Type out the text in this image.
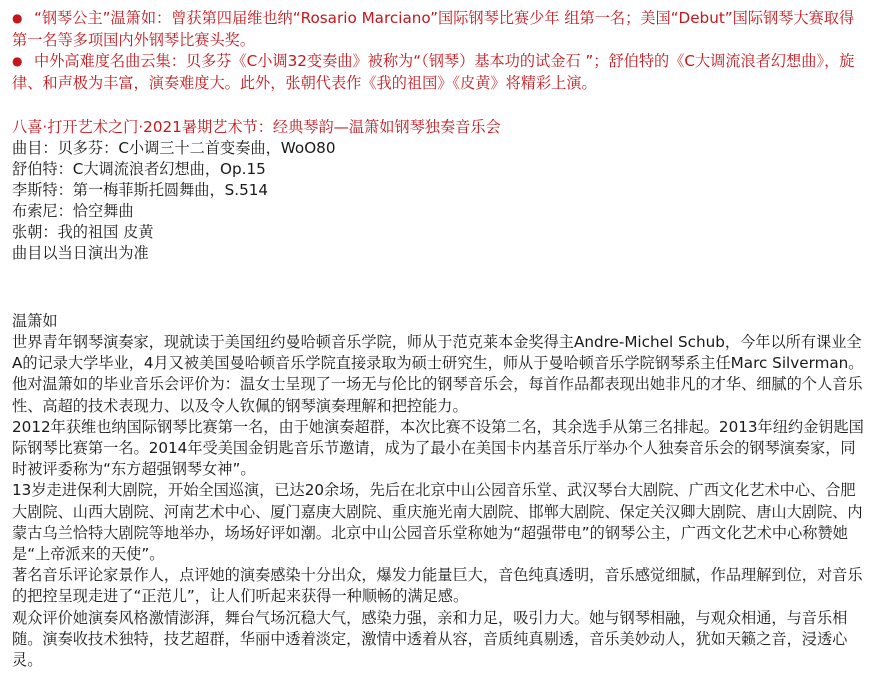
● “钢琴公主”温箫如：曾获第四届维也纳“Rosario Marciano”国际钢琴比赛少年 组第一名；美国“Debut”国际钢琴大赛取得第一名等多项国内外钢琴比赛头奖。

● 中外高难度名曲云集：贝多芬《C小调32变奏曲》被称为“（钢琴）基本功的试金石 ”；舒伯特的《C大调流浪者幻想曲》，旋律、和声极为丰富，演奏难度大。此外，张朝代表作《我的祖国》《皮黄》将精彩上演。

八喜·打开艺术之门·2021暑期艺术节：经典琴韵—温箫如钢琴独奏音乐会
曲目：贝多芬：C小调三十二首变奏曲，WoO80
舒伯特：C大调流浪者幻想曲，Op.15
李斯特：第一梅菲斯托圆舞曲，S.514
布索尼：恰空舞曲
张朝：我的祖国 皮黄
曲目以当日演出为准
温箫如

世界青年钢琴演奏家，现就读于美国纽约曼哈顿音乐学院，师从于范克莱本金奖得主Andre-Michel Schub，今年以所有课业全A的记录大学毕业，4月又被美国曼哈顿音乐学院直接录取为硕士研究生，师从于曼哈顿音乐学院钢琴系主任Marc Silverman。他对温箫如的毕业音乐会评价为：温女士呈现了一场无与伦比的钢琴音乐会，每首作品都表现出她非凡的才华、细腻的个人音乐性、高超的技术表现力、以及令人钦佩的钢琴演奏理解和把控能力。

2012年获维也纳国际钢琴比赛第一名，由于她演奏超群，本次比赛不设第二名，其余选手从第三名排起。2013年纽约金钥匙国际钢琴比赛第一名。2014年受美国金钥匙音乐节邀请，成为了最小在美国卡内基音乐厅举办个人独奏音乐会的钢琴演奏家，同时被评委称为“东方超强钢琴女神”。

13岁走进保利大剧院，开始全国巡演，已达20余场，先后在北京中山公园音乐堂、武汉琴台大剧院、广西文化艺术中心、合肥大剧院、山西大剧院、河南艺术中心、厦门嘉庚大剧院、重庆施光南大剧院、邯郸大剧院、保定关汉卿大剧院、唐山大剧院、内蒙古乌兰恰特大剧院等地举办，场场好评如潮。北京中山公园音乐堂称她为“超强带电”的钢琴公主，广西文化艺术中心称赞她是“上帝派来的天使”。

著名音乐评论家景作人，点评她的演奏感染十分出众，爆发力能量巨大，音色纯真透明，音乐感觉细腻，作品理解到位，对音乐的把控呈现走进了“正范儿”，让人们听起来获得一种顺畅的满足感。

观众评价她演奏风格激情澎湃，舞台气场沉稳大气，感染力强，亲和力足，吸引力大。她与钢琴相融，与观众相通，与音乐相随。演奏收技术独特，技艺超群，华丽中透着淡定，激情中透着从容，音质纯真剔透，音乐美妙动人，犹如天籁之音，浸透心灵。
